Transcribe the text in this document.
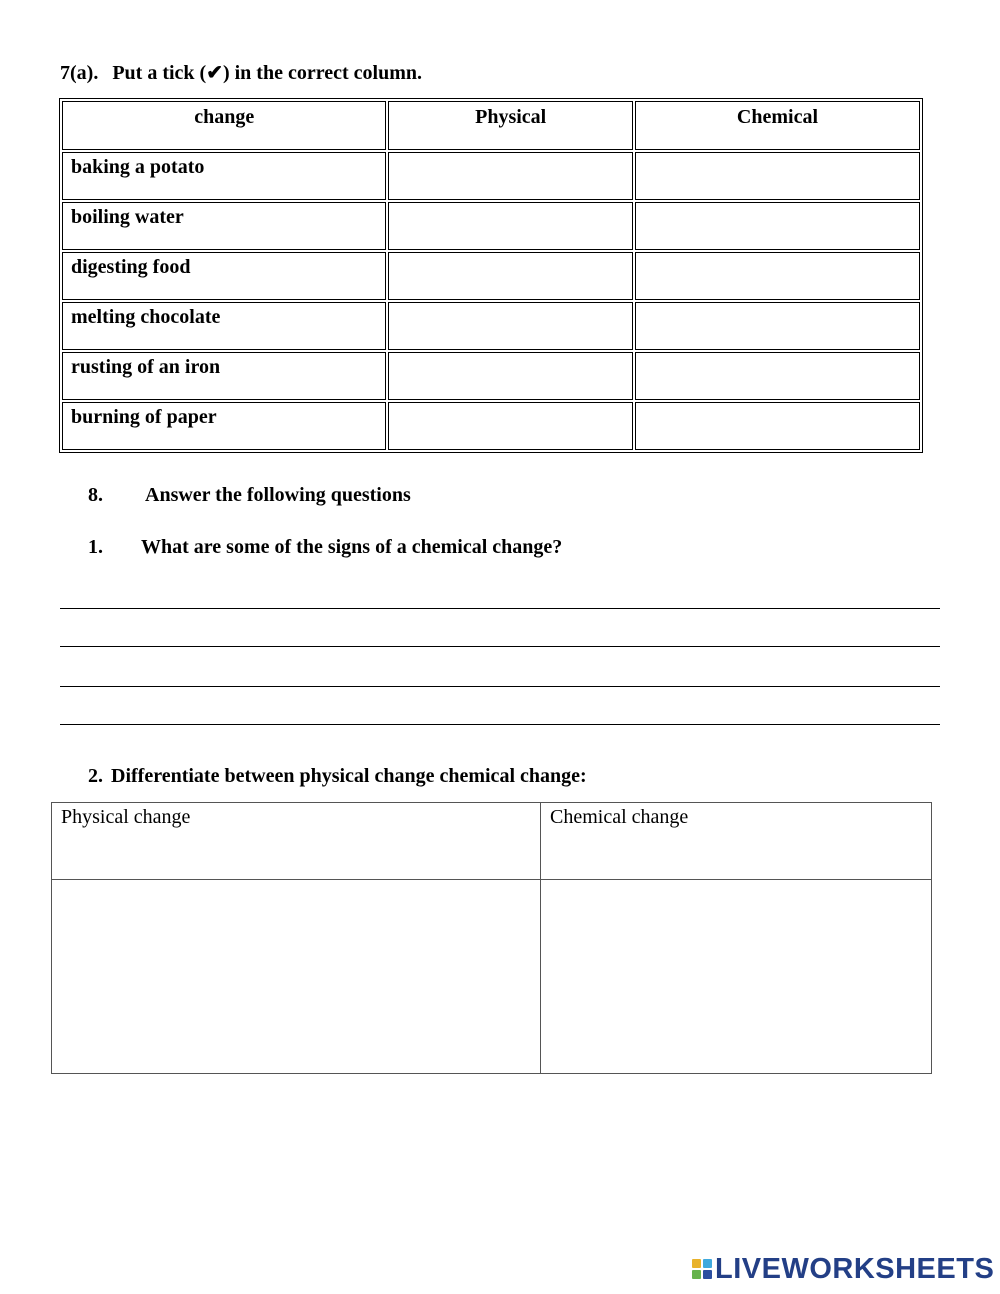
7(a). Put a tick (✔) in the correct column.
change	Physical	Chemical
baking a potato		
boiling water		
digesting food		
melting chocolate		
rusting of an iron		
burning of paper		
8. Answer the following questions
1. What are some of the signs of a chemical change?
2. Differentiate between physical change chemical change:
Physical change	Chemical change

LIVEWORKSHEETS
